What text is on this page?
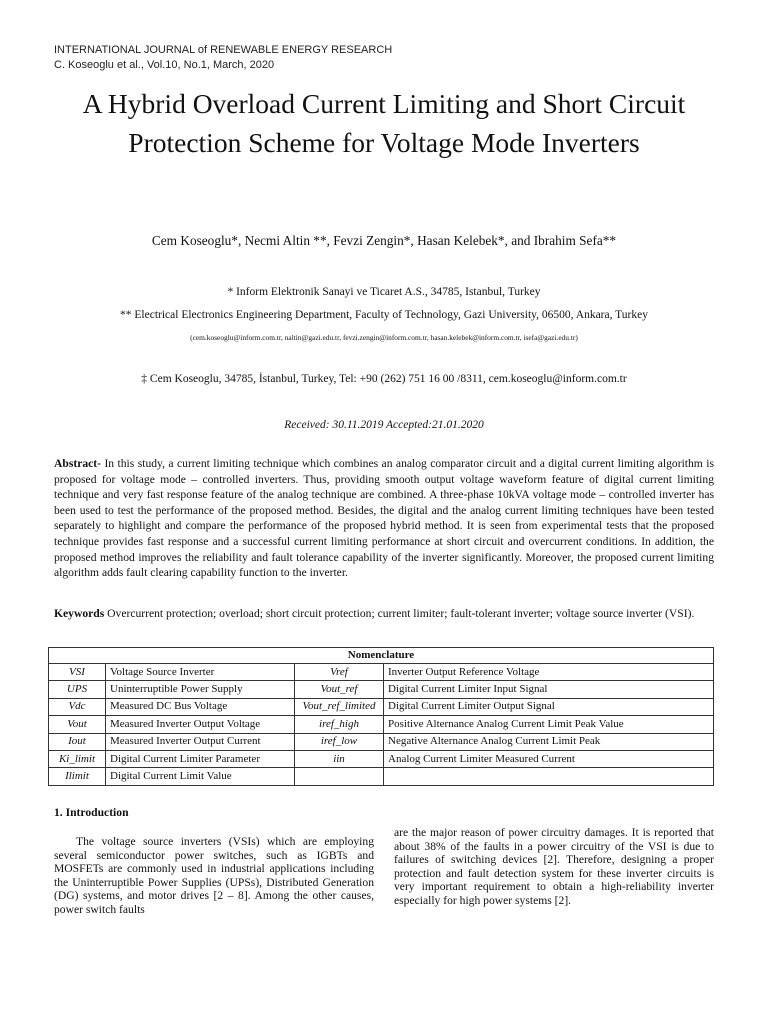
INTERNATIONAL JOURNAL of RENEWABLE ENERGY RESEARCH
C. Koseoglu et al., Vol.10, No.1, March, 2020
A Hybrid Overload Current Limiting and Short Circuit Protection Scheme for Voltage Mode Inverters
Cem Koseoglu*, Necmi Altin **, Fevzi Zengin*, Hasan Kelebek*, and Ibrahim Sefa**
* Inform Elektronik Sanayi ve Ticaret A.S., 34785, Istanbul, Turkey
** Electrical Electronics Engineering Department, Faculty of Technology, Gazi University, 06500, Ankara, Turkey
(cem.koseoglu@inform.com.tr, naltin@gazi.edu.tr, fevzi.zengin@inform.com.tr, hasan.kelebek@inform.com.tr, isefa@gazi.edu.tr)
‡ Cem Koseoglu, 34785, İstanbul, Turkey, Tel: +90 (262) 751 16 00 /8311, cem.koseoglu@inform.com.tr
Received: 30.11.2019 Accepted:21.01.2020
Abstract- In this study, a current limiting technique which combines an analog comparator circuit and a digital current limiting algorithm is proposed for voltage mode – controlled inverters. Thus, providing smooth output voltage waveform feature of digital current limiting technique and very fast response feature of the analog technique are combined. A three-phase 10kVA voltage mode – controlled inverter has been used to test the performance of the proposed method. Besides, the digital and the analog current limiting techniques have been tested separately to highlight and compare the performance of the proposed hybrid method. It is seen from experimental tests that the proposed technique provides fast response and a successful current limiting performance at short circuit and overcurrent conditions. In addition, the proposed method improves the reliability and fault tolerance capability of the inverter significantly. Moreover, the proposed current limiting algorithm adds fault clearing capability function to the inverter.
Keywords Overcurrent protection; overload; short circuit protection; current limiter; fault-tolerant inverter; voltage source inverter (VSI).
Nomenclature			
VSI	Voltage Source Inverter	Vref	Inverter Output Reference Voltage
UPS	Uninterruptible Power Supply	Vout_ref	Digital Current Limiter Input Signal
Vdc	Measured DC Bus Voltage	Vout_ref_limited	Digital Current Limiter Output Signal
Vout	Measured Inverter Output Voltage	iref_high	Positive Alternance Analog Current Limit Peak Value
Iout	Measured Inverter Output Current	iref_low	Negative Alternance Analog Current Limit Peak
Ki_limit	Digital Current Limiter Parameter	iin	Analog Current Limiter Measured Current
Ilimit	Digital Current Limit Value		
1. Introduction
The voltage source inverters (VSIs) which are employing several semiconductor power switches, such as IGBTs and MOSFETs are commonly used in industrial applications including the Uninterruptible Power Supplies (UPSs), Distributed Generation (DG) systems, and motor drives [2 – 8]. Among the other causes, power switch faults
are the major reason of power circuitry damages. It is reported that about 38% of the faults in a power circuitry of the VSI is due to failures of switching devices [2]. Therefore, designing a proper protection and fault detection system for these inverter circuits is very important requirement to obtain a high-reliability inverter especially for high power systems [2].
